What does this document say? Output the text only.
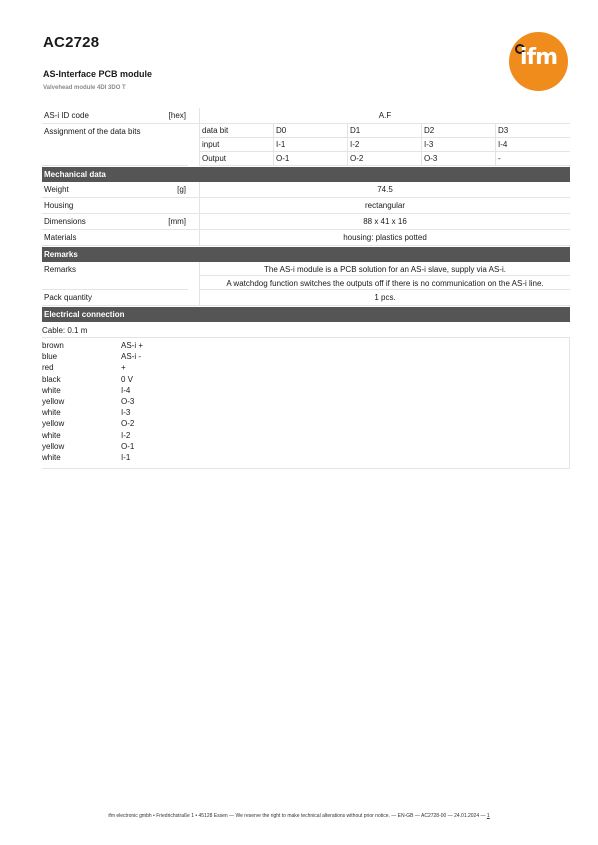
AC2728
AS-Interface PCB module
Valvehead module 4DI 3DO T
ifm
AS-i ID code	[hex]	A.F
Assignment of the data bits	data bit	D0	D1	D2	D3
input	I-1	I-2	I-3	I-4
Output	O-1	O-2	O-3	-
Mechanical data
Weight	[g]	74.5
Housing	rectangular
Dimensions	[mm]	88 x 41 x 16
Materials	housing: plastics potted
Remarks
Remarks	The AS-i module is a PCB solution for an AS-i slave, supply via AS-i.
A watchdog function switches the outputs off if there is no communication on the AS-i line.
Pack quantity	1 pcs.
Electrical connection
Cable: 0.1 m
brown	AS-i +
blue	AS-i -
red	+
black	0 V
white	I-4
yellow	O-3
white	I-3
yellow	O-2
white	I-2
yellow	O-1
white	I-1
ifm electronic gmbh • Friedrichstraße 1 • 45128 Essen — We reserve the right to make technical alterations without prior notice. — EN-GB — AC2728-00 — 24.01.2024 — 1
